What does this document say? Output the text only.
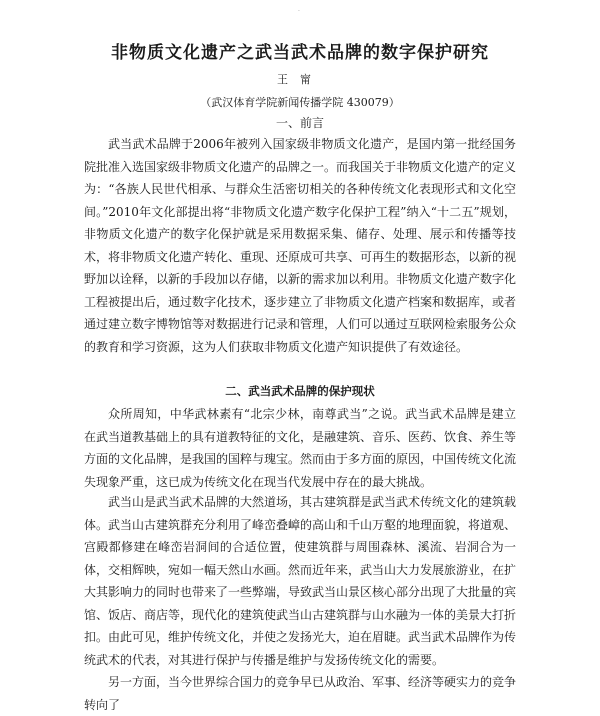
·
非物质文化遗产之武当武术品牌的数字保护研究
王甯
（武汉体育学院新闻传播学院 430079）
一、前言

武当武术品牌于2006年被列入国家级非物质文化遗产，是国内第一批经国务院批准入选国家级非物质文化遗产的品牌之一。而我国关于非物质文化遗产的定义为：“各族人民世代相承、与群众生活密切相关的各种传统文化表现形式和文化空间。”2010年文化部提出将“非物质文化遗产数字化保护工程”纳入“十二五”规划，非物质文化遗产的数字化保护就是采用数据采集、储存、处理、展示和传播等技术，将非物质文化遗产转化、重现、还原成可共享、可再生的数据形态，以新的视野加以诠释，以新的手段加以存储，以新的需求加以利用。非物质文化遗产数字化工程被提出后，通过数字化技术，逐步建立了非物质文化遗产档案和数据库，或者通过建立数字博物馆等对数据进行记录和管理，人们可以通过互联网检索服务公众的教育和学习资源，这为人们获取非物质文化遗产知识提供了有效途径。

二、武当武术品牌的保护现状

众所周知，中华武林素有“北宗少林，南尊武当”之说。武当武术品牌是建立在武当道教基础上的具有道教特征的文化，是融建筑、音乐、医药、饮食、养生等方面的文化品牌，是我国的国粹与瑰宝。然而由于多方面的原因，中国传统文化流失现象严重，这已成为传统文化在现当代发展中存在的最大挑战。

武当山是武当武术品牌的大然道场，其古建筑群是武当武术传统文化的建筑载体。武当山古建筑群充分利用了峰峦叠嶂的高山和千山万壑的地理面貌，将道观、宫殿都修建在峰峦岩洞间的合适位置，使建筑群与周围森林、溪流、岩洞合为一体，交相辉映，宛如一幅天然山水画。然而近年来，武当山大力发展旅游业，在扩大其影响力的同时也带来了一些弊端，导致武当山景区核心部分出现了大批量的宾馆、饭店、商店等，现代化的建筑使武当山古建筑群与山水融为一体的美景大打折扣。由此可见，维护传统文化，并使之发扬光大，迫在眉睫。武当武术品牌作为传统武术的代表，对其进行保护与传播是维护与发扬传统文化的需要。

另一方面，当今世界综合国力的竞争早已从政治、军事、经济等硬实力的竞争转向了
